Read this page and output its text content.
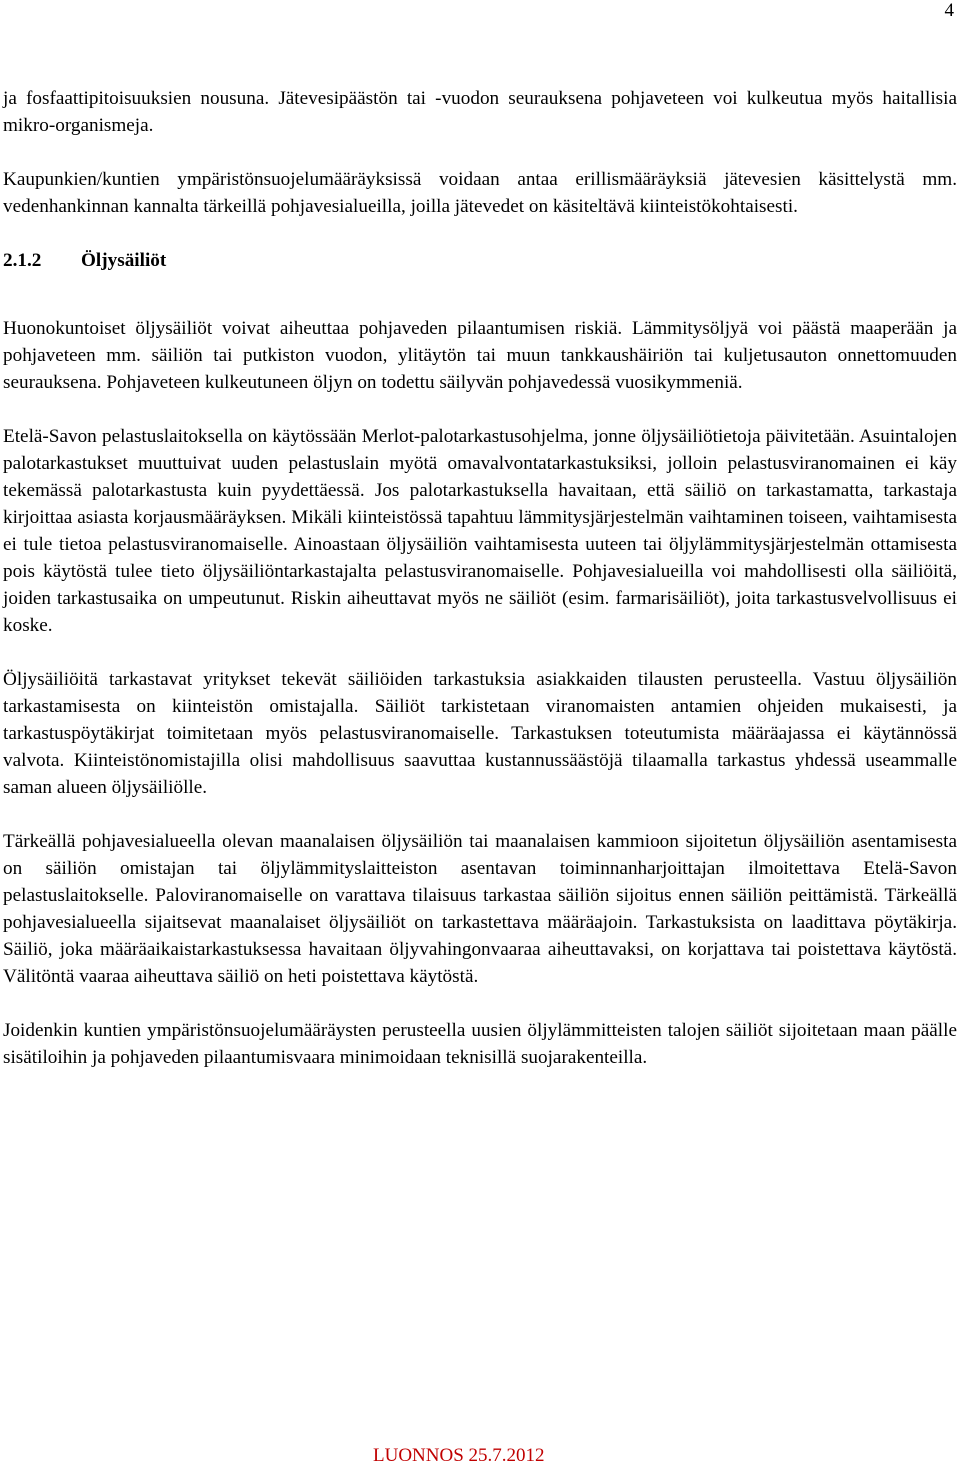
4

ja fosfaattipitoisuuksien nousuna. Jätevesipäästön tai -vuodon seurauksena pohjaveteen voi kulkeutua myös haitallisia mikro-organismeja.

Kaupunkien/kuntien ympäristönsuojelumääräyksissä voidaan antaa erillismääräyksiä jätevesien käsittelystä mm. vedenhankinnan kannalta tärkeillä pohjavesialueilla, joilla jätevedet on käsiteltävä kiinteistökohtaisesti.

2.1.2 Öljysäiliöt

Huonokuntoiset öljysäiliöt voivat aiheuttaa pohjaveden pilaantumisen riskiä. Lämmitysöljyä voi päästä maaperään ja pohjaveteen mm. säiliön tai putkiston vuodon, ylitäytön tai muun tankkaushäiriön tai kuljetusauton onnettomuuden seurauksena. Pohjaveteen kulkeutuneen öljyn on todettu säilyvän pohjavedessä vuosikymmeniä.

Etelä-Savon pelastuslaitoksella on käytössään Merlot-palotarkastusohjelma, jonne öljysäiliötietoja päivitetään. Asuintalojen palotarkastukset muuttuivat uuden pelastuslain myötä omavalvontatarkastuksiksi, jolloin pelastusviranomainen ei käy tekemässä palotarkastusta kuin pyydettäessä. Jos palotarkastuksella havaitaan, että säiliö on tarkastamatta, tarkastaja kirjoittaa asiasta korjausmääräyksen. Mikäli kiinteistössä tapahtuu lämmitysjärjestelmän vaihtaminen toiseen, vaihtamisesta ei tule tietoa pelastusviranomaiselle. Ainoastaan öljysäiliön vaihtamisesta uuteen tai öljylämmitysjärjestelmän ottamisesta pois käytöstä tulee tieto öljysäiliöntarkastajalta pelastusviranomaiselle. Pohjavesialueilla voi mahdollisesti olla säiliöitä, joiden tarkastusaika on umpeutunut. Riskin aiheuttavat myös ne säiliöt (esim. farmarisäiliöt), joita tarkastusvelvollisuus ei koske.

Öljysäiliöitä tarkastavat yritykset tekevät säiliöiden tarkastuksia asiakkaiden tilausten perusteella. Vastuu öljysäiliön tarkastamisesta on kiinteistön omistajalla. Säiliöt tarkistetaan viranomaisten antamien ohjeiden mukaisesti, ja tarkastuspöytäkirjat toimitetaan myös pelastusviranomaiselle. Tarkastuksen toteutumista määräajassa ei käytännössä valvota. Kiinteistönomistajilla olisi mahdollisuus saavuttaa kustannussäästöjä tilaamalla tarkastus yhdessä useammalle saman alueen öljysäiliölle.

Tärkeällä pohjavesialueella olevan maanalaisen öljysäiliön tai maanalaisen kammioon sijoitetun öljysäiliön asentamisesta on säiliön omistajan tai öljylämmityslaitteiston asentavan toiminnanharjoittajan ilmoitettava Etelä-Savon pelastuslaitokselle. Paloviranomaiselle on varattava tilaisuus tarkastaa säiliön sijoitus ennen säiliön peittämistä. Tärkeällä pohjavesialueella sijaitsevat maanalaiset öljysäiliöt on tarkastettava määräajoin. Tarkastuksista on laadittava pöytäkirja. Säiliö, joka määräaikaistarkastuksessa havaitaan öljyvahingonvaaraa aiheuttavaksi, on korjattava tai poistettava käytöstä. Välitöntä vaaraa aiheuttava säiliö on heti poistettava käytöstä.

Joidenkin kuntien ympäristönsuojelumääräysten perusteella uusien öljylämmitteisten talojen säiliöt sijoitetaan maan päälle sisätiloihin ja pohjaveden pilaantumisvaara minimoidaan teknisillä suojarakenteilla.

LUONNOS 25.7.2012
